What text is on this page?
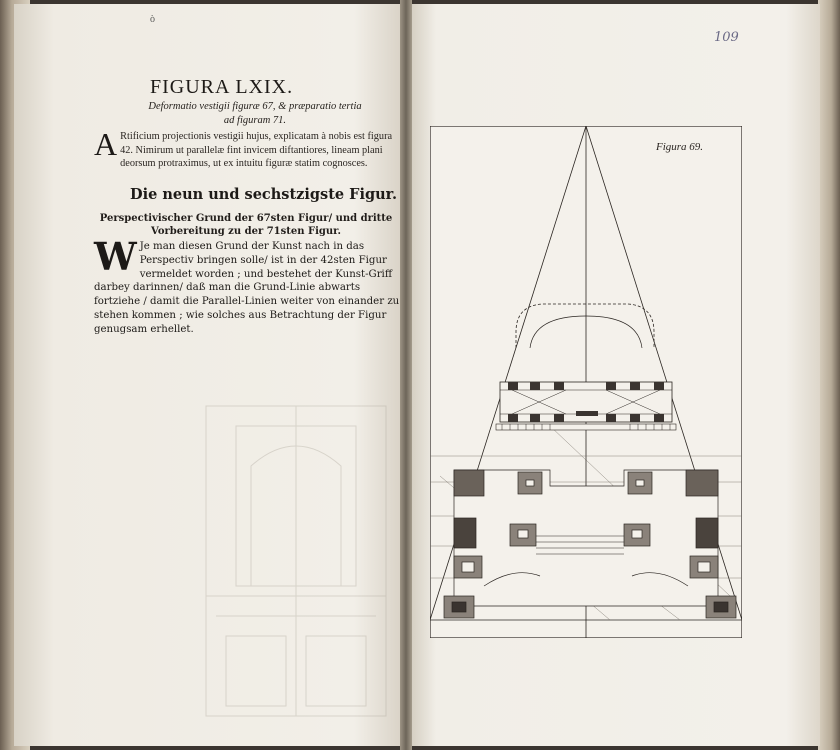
ò
FIGURA LXIX.
Deformatio vestigii figuræ 67, & præparatio tertia
ad figuram 71.
A Rtificium projectionis vestigii hujus, explicatam à nobis est figura 42. Nimirum ut parallelæ fint invicem diftantiores, lineam plani deorsum protraximus, ut ex intuitu figuræ statim cognosces.
Die neun und sechstzigste Figur.
Perspectivischer Grund der 67sten Figur/ und dritte Vorbereitung zu der 71sten Figur.
W Je man diesen Grund der Kunst nach in das Perspectiv bringen solle/ ist in der 42sten Figur vermeldet worden ; und bestehet der Kunst-Griff darbey darinnen/ daß man die Grund-Linie abwarts fortziehe / damit die Parallel-Linien weiter von einander zu stehen kommen ; wie solches aus Betrachtung der Figur genugsam erhellet.
109
Figura 69.
